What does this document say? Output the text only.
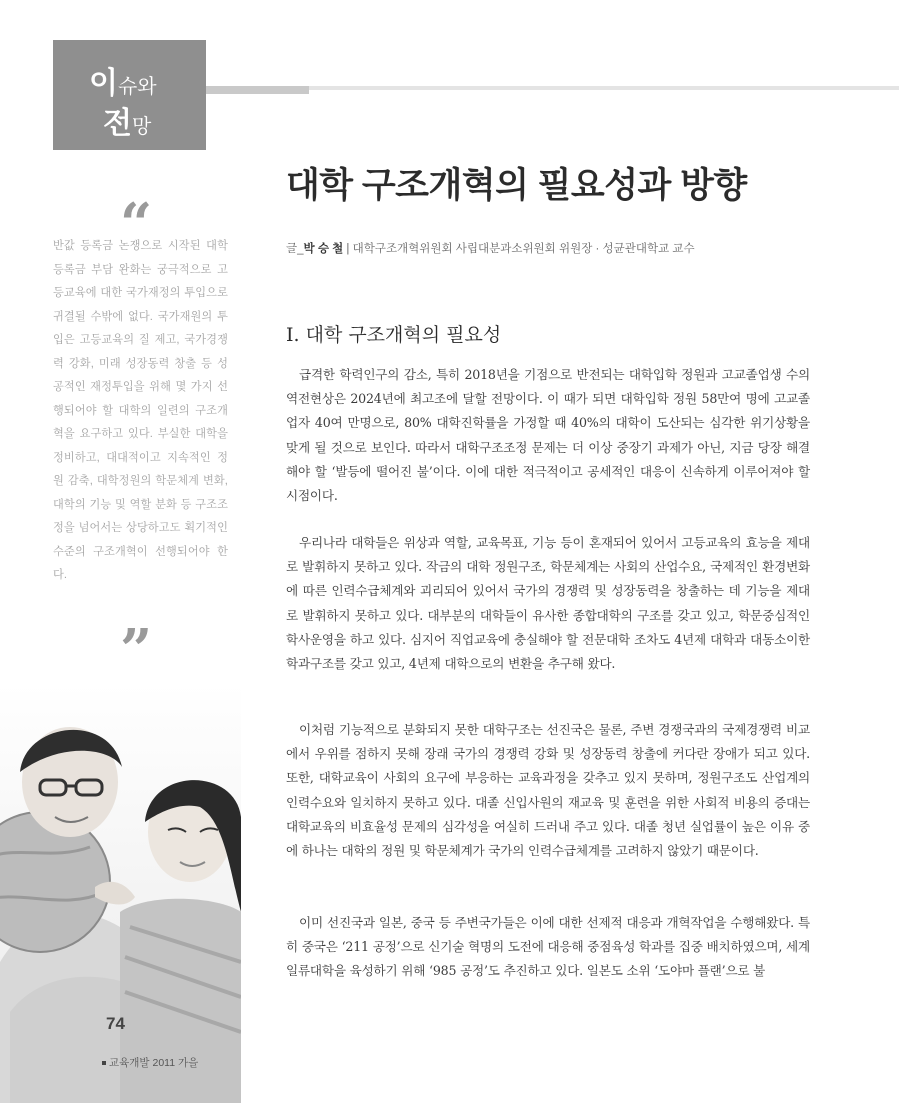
이슈와
전망
“

반값 등록금 논쟁으로 시작된 대학 등록금 부담 완화는 궁극적으로 고등교육에 대한 국가재정의 투입으로 귀결될 수밖에 없다. 국가재원의 투입은 고등교육의 질 제고, 국가경쟁력 강화, 미래 성장동력 창출 등 성공적인 재정투입을 위해 몇 가지 선행되어야 할 대학의 일련의 구조개혁을 요구하고 있다. 부실한 대학을 정비하고, 대대적이고 지속적인 정원 감축, 대학정원의 학문체계 변화, 대학의 기능 및 역할 분화 등 구조조정을 넘어서는 상당하고도 획기적인 수준의 구조개혁이 선행되어야 한다.

”
74
교육개발 2011 가을
대학 구조개혁의 필요성과 방향
글_박 승 철 | 대학구조개혁위원회 사립대분과소위원회 위원장 · 성균관대학교 교수
I. 대학 구조개혁의 필요성

급격한 학력인구의 감소, 특히 2018년을 기점으로 반전되는 대학입학 정원과 고교졸업생 수의 역전현상은 2024년에 최고조에 달할 전망이다. 이 때가 되면 대학입학 정원 58만여 명에 고교졸업자 40여 만명으로, 80% 대학진학률을 가정할 때 40%의 대학이 도산되는 심각한 위기상황을 맞게 될 것으로 보인다. 따라서 대학구조조정 문제는 더 이상 중장기 과제가 아닌, 지금 당장 해결해야 할 ‘발등에 떨어진 불’이다. 이에 대한 적극적이고 공세적인 대응이 신속하게 이루어져야 할 시점이다.

우리나라 대학들은 위상과 역할, 교육목표, 기능 등이 혼재되어 있어서 고등교육의 효능을 제대로 발휘하지 못하고 있다. 작금의 대학 정원구조, 학문체계는 사회의 산업수요, 국제적인 환경변화에 따른 인력수급체계와 괴리되어 있어서 국가의 경쟁력 및 성장동력을 창출하는 데 기능을 제대로 발휘하지 못하고 있다. 대부분의 대학들이 유사한 종합대학의 구조를 갖고 있고, 학문중심적인 학사운영을 하고 있다. 심지어 직업교육에 충실해야 할 전문대학 조차도 4년제 대학과 대동소이한 학과구조를 갖고 있고, 4년제 대학으로의 변환을 추구해 왔다.

이처럼 기능적으로 분화되지 못한 대학구조는 선진국은 물론, 주변 경쟁국과의 국제경쟁력 비교에서 우위를 점하지 못해 장래 국가의 경쟁력 강화 및 성장동력 창출에 커다란 장애가 되고 있다. 또한, 대학교육이 사회의 요구에 부응하는 교육과정을 갖추고 있지 못하며, 정원구조도 산업계의 인력수요와 일치하지 못하고 있다. 대졸 신입사원의 재교육 및 훈련을 위한 사회적 비용의 증대는 대학교육의 비효율성 문제의 심각성을 여실히 드러내 주고 있다. 대졸 청년 실업률이 높은 이유 중에 하나는 대학의 정원 및 학문체계가 국가의 인력수급체계를 고려하지 않았기 때문이다.

이미 선진국과 일본, 중국 등 주변국가들은 이에 대한 선제적 대응과 개혁작업을 수행해왔다. 특히 중국은 ‘211 공정’으로 신기술 혁명의 도전에 대응해 중점육성 학과를 집중 배치하였으며, 세계일류대학을 육성하기 위해 ‘985 공정’도 추진하고 있다. 일본도 소위 ‘도야마 플랜’으로 불
